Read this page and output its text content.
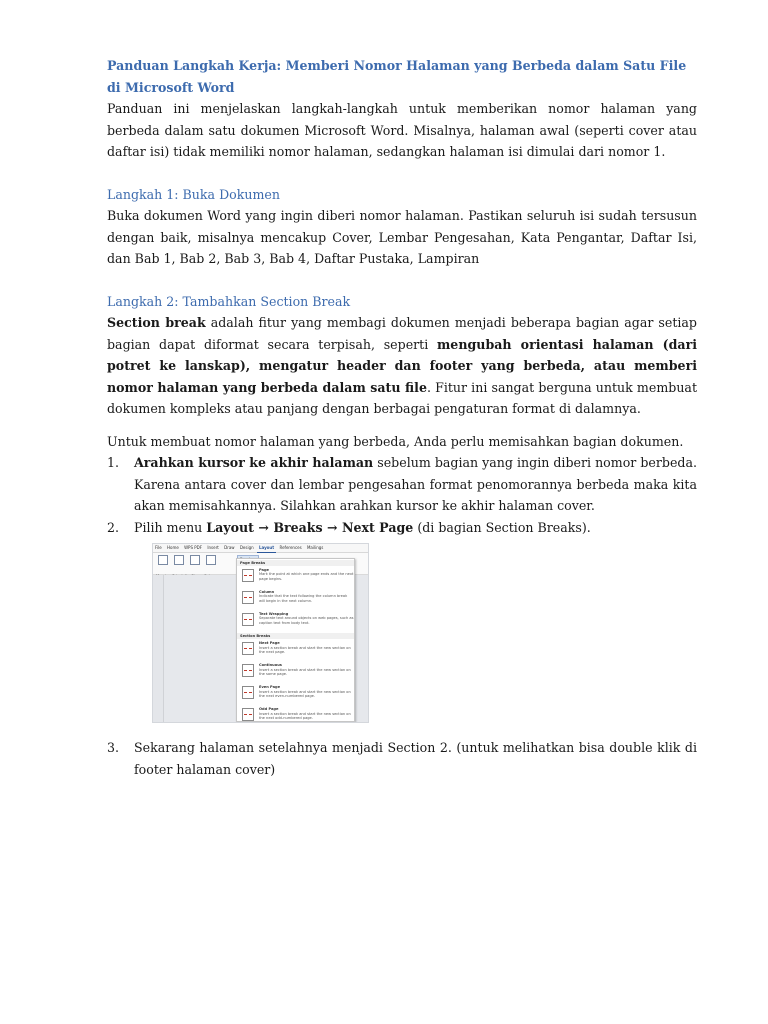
Panduan Langkah Kerja: Memberi Nomor Halaman yang Berbeda dalam Satu File di Microsoft Word

Panduan ini menjelaskan langkah-langkah untuk memberikan nomor halaman yang berbeda dalam satu dokumen Microsoft Word. Misalnya, halaman awal (seperti cover atau daftar isi) tidak memiliki nomor halaman, sedangkan halaman isi dimulai dari nomor 1.

Langkah 1: Buka Dokumen

Buka dokumen Word yang ingin diberi nomor halaman. Pastikan seluruh isi sudah tersusun dengan baik, misalnya mencakup Cover, Lembar Pengesahan, Kata Pengantar, Daftar Isi, dan Bab 1, Bab 2, Bab 3, Bab 4, Daftar Pustaka, Lampiran

Langkah 2: Tambahkan Section Break

Section break adalah fitur yang membagi dokumen menjadi beberapa bagian agar setiap bagian dapat diformat secara terpisah, seperti mengubah orientasi halaman (dari potret ke lanskap), mengatur header dan footer yang berbeda, atau memberi nomor halaman yang berbeda dalam satu file. Fitur ini sangat berguna untuk membuat dokumen kompleks atau panjang dengan berbagai pengaturan format di dalamnya.

Untuk membuat nomor halaman yang berbeda, Anda perlu memisahkan bagian dokumen.

1. Arahkan kursor ke akhir halaman sebelum bagian yang ingin diberi nomor berbeda. Karena antara cover dan lembar pengesahan format penomorannya berbeda maka kita akan memisahkannya. Silahkan arahkan kursor ke akhir halaman cover.
2. Pilih menu Layout → Breaks → Next Page (di bagian Section Breaks).
File Home WPS PDF Insert Draw Design Layout References Mailings
Page Breaks
Page
Mark the point at which one page ends and the next page begins.
Column
Indicate that the text following the column break will begin in the next column.
Text Wrapping
Separate text around objects on web pages, such as caption text from body text.
Section Breaks
Next Page
Insert a section break and start the new section on the next page.
Continuous
Insert a section break and start the new section on the same page.
Even Page
Insert a section break and start the new section on the next even-numbered page.
Odd Page
Insert a section break and start the new section on the next odd-numbered page.
3. Sekarang halaman setelahnya menjadi Section 2. (untuk melihatkan bisa double klik di footer halaman cover)
